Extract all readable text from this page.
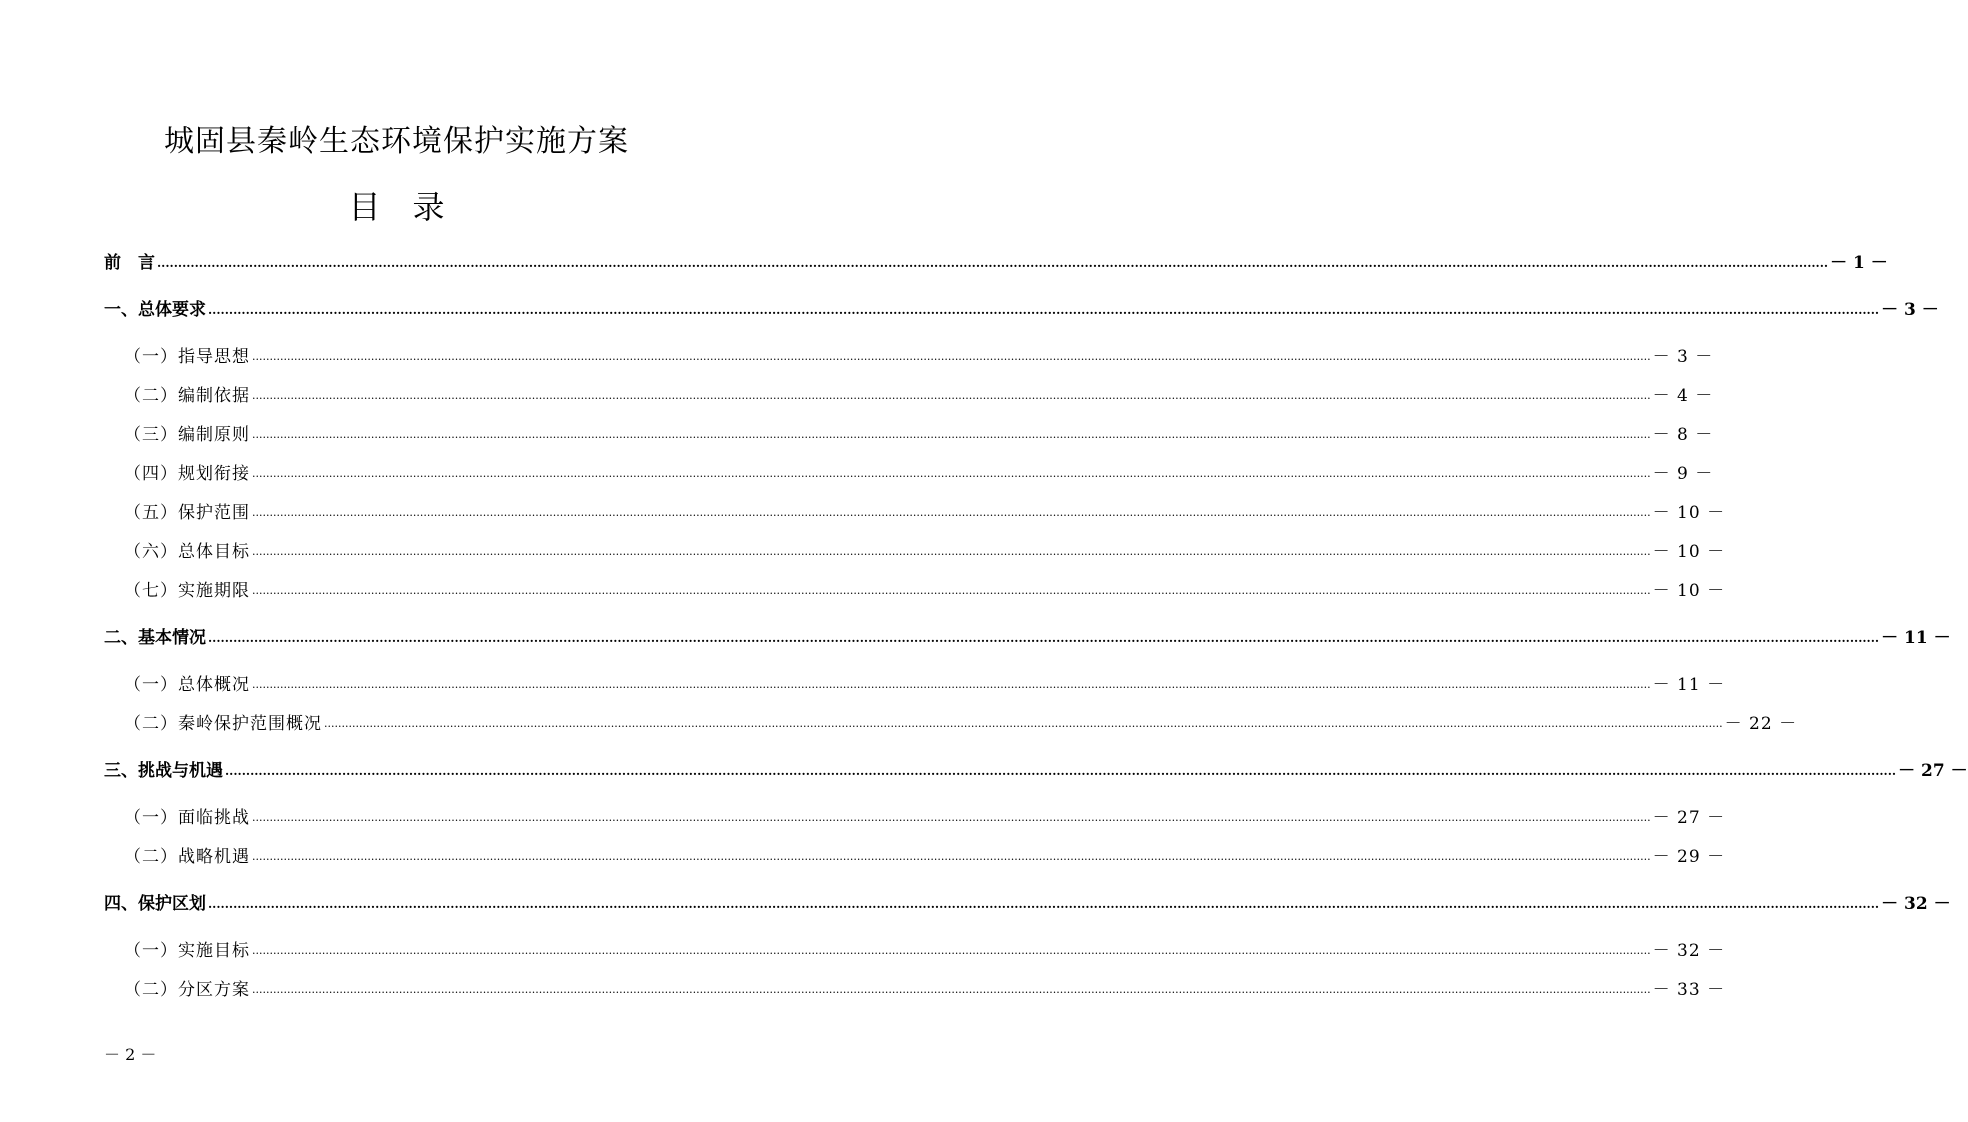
城固县秦岭生态环境保护实施方案
目　录
前　言 ................................................................................................................................................................................................................................................................................................................................................................................................................ － 1 －
一、总体要求 ................................................................................................................................................................................................................................................................................................................................................................................................................ － 3 －
（一）指导思想 ................................................................................................................................................................................................................................................................................................................................................................................................................ － 3 －
（二）编制依据 ................................................................................................................................................................................................................................................................................................................................................................................................................ － 4 －
（三）编制原则 ................................................................................................................................................................................................................................................................................................................................................................................................................ － 8 －
（四）规划衔接 ................................................................................................................................................................................................................................................................................................................................................................................................................ － 9 －
（五）保护范围 ................................................................................................................................................................................................................................................................................................................................................................................................................ － 10 －
（六）总体目标 ................................................................................................................................................................................................................................................................................................................................................................................................................ － 10 －
（七）实施期限 ................................................................................................................................................................................................................................................................................................................................................................................................................ － 10 －
二、基本情况 ................................................................................................................................................................................................................................................................................................................................................................................................................ － 11 －
（一）总体概况 ................................................................................................................................................................................................................................................................................................................................................................................................................ － 11 －
（二）秦岭保护范围概况 ................................................................................................................................................................................................................................................................................................................................................................................................................ － 22 －
三、挑战与机遇 ................................................................................................................................................................................................................................................................................................................................................................................................................ － 27 －
（一）面临挑战 ................................................................................................................................................................................................................................................................................................................................................................................................................ － 27 －
（二）战略机遇 ................................................................................................................................................................................................................................................................................................................................................................................................................ － 29 －
四、保护区划 ................................................................................................................................................................................................................................................................................................................................................................................................................ － 32 －
（一）实施目标 ................................................................................................................................................................................................................................................................................................................................................................................................................ － 32 －
（二）分区方案 ................................................................................................................................................................................................................................................................................................................................................................................................................ － 33 －
－ 2 －
